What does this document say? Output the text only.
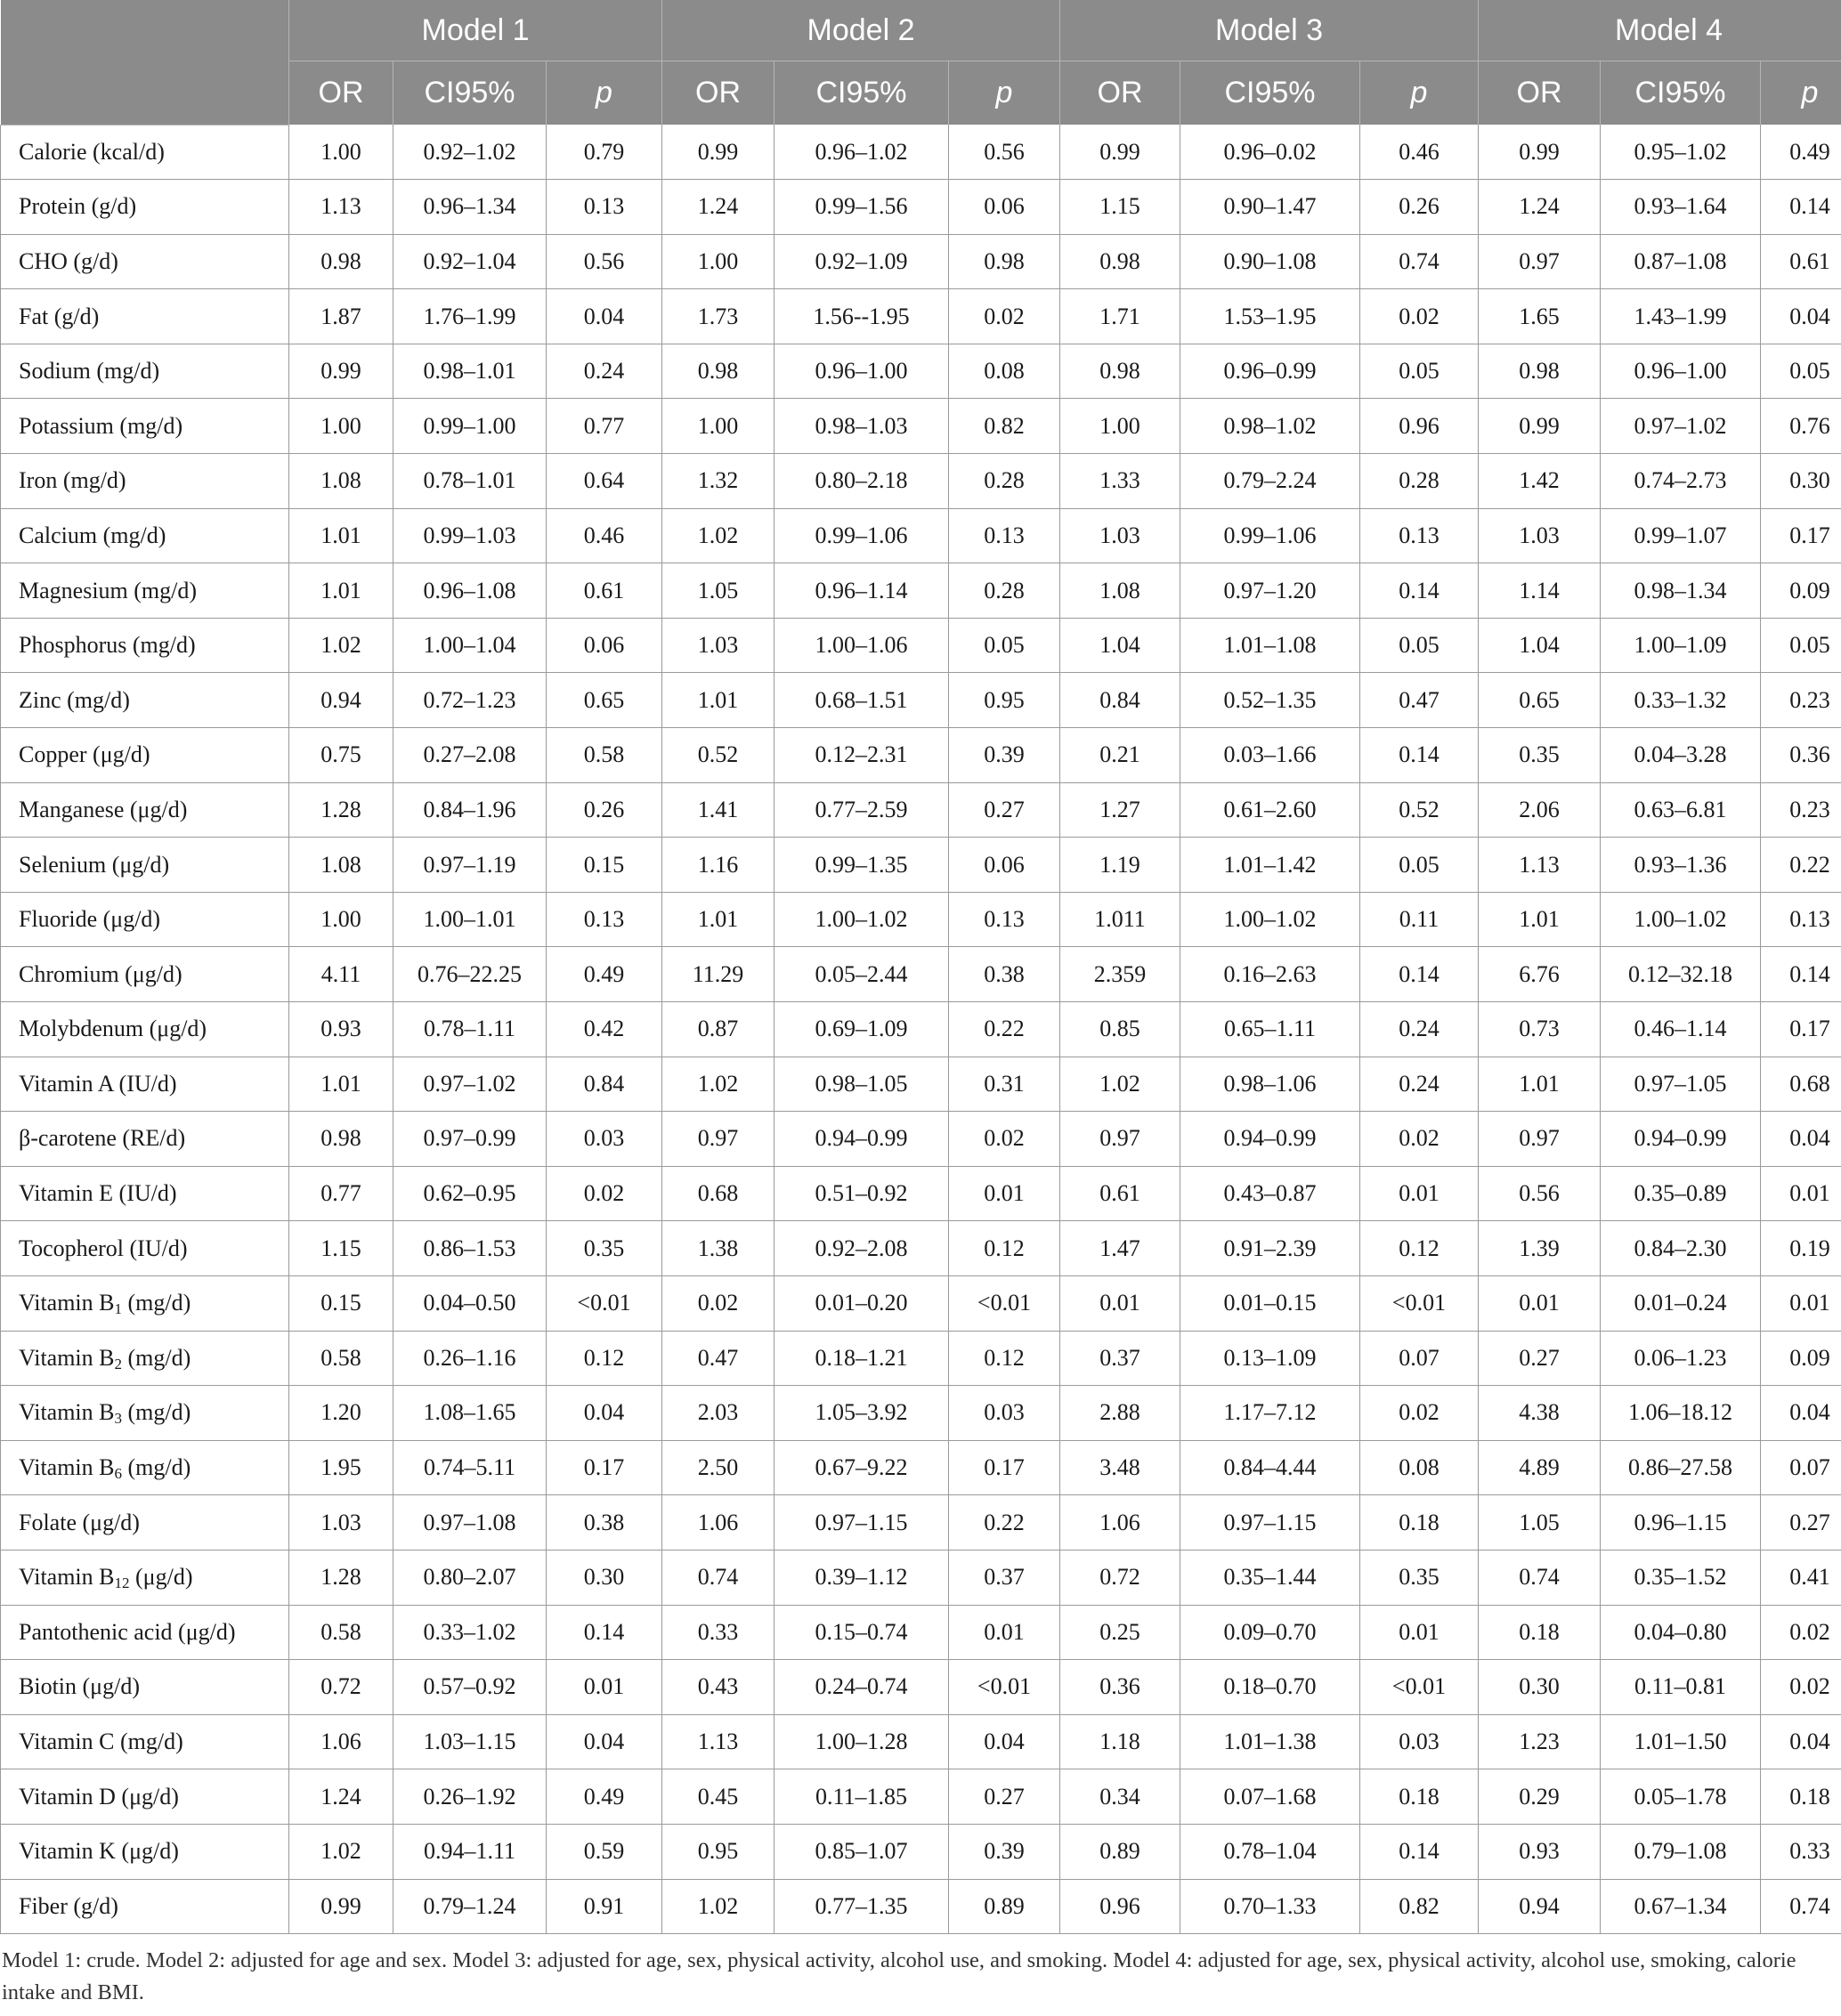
	Model 1			Model 2			Model 3			Model 4		
	OR	CI95%	p	OR	CI95%	p	OR	CI95%	p	OR	CI95%	p
Calorie (kcal/d)	1.00	0.92–1.02	0.79	0.99	0.96–1.02	0.56	0.99	0.96–0.02	0.46	0.99	0.95–1.02	0.49
Protein (g/d)	1.13	0.96–1.34	0.13	1.24	0.99–1.56	0.06	1.15	0.90–1.47	0.26	1.24	0.93–1.64	0.14
CHO (g/d)	0.98	0.92–1.04	0.56	1.00	0.92–1.09	0.98	0.98	0.90–1.08	0.74	0.97	0.87–1.08	0.61
Fat (g/d)	1.87	1.76–1.99	0.04	1.73	1.56--1.95	0.02	1.71	1.53–1.95	0.02	1.65	1.43–1.99	0.04
Sodium (mg/d)	0.99	0.98–1.01	0.24	0.98	0.96–1.00	0.08	0.98	0.96–0.99	0.05	0.98	0.96–1.00	0.05
Potassium (mg/d)	1.00	0.99–1.00	0.77	1.00	0.98–1.03	0.82	1.00	0.98–1.02	0.96	0.99	0.97–1.02	0.76
Iron (mg/d)	1.08	0.78–1.01	0.64	1.32	0.80–2.18	0.28	1.33	0.79–2.24	0.28	1.42	0.74–2.73	0.30
Calcium (mg/d)	1.01	0.99–1.03	0.46	1.02	0.99–1.06	0.13	1.03	0.99–1.06	0.13	1.03	0.99–1.07	0.17
Magnesium (mg/d)	1.01	0.96–1.08	0.61	1.05	0.96–1.14	0.28	1.08	0.97–1.20	0.14	1.14	0.98–1.34	0.09
Phosphorus (mg/d)	1.02	1.00–1.04	0.06	1.03	1.00–1.06	0.05	1.04	1.01–1.08	0.05	1.04	1.00–1.09	0.05
Zinc (mg/d)	0.94	0.72–1.23	0.65	1.01	0.68–1.51	0.95	0.84	0.52–1.35	0.47	0.65	0.33–1.32	0.23
Copper (μg/d)	0.75	0.27–2.08	0.58	0.52	0.12–2.31	0.39	0.21	0.03–1.66	0.14	0.35	0.04–3.28	0.36
Manganese (μg/d)	1.28	0.84–1.96	0.26	1.41	0.77–2.59	0.27	1.27	0.61–2.60	0.52	2.06	0.63–6.81	0.23
Selenium (μg/d)	1.08	0.97–1.19	0.15	1.16	0.99–1.35	0.06	1.19	1.01–1.42	0.05	1.13	0.93–1.36	0.22
Fluoride (μg/d)	1.00	1.00–1.01	0.13	1.01	1.00–1.02	0.13	1.011	1.00–1.02	0.11	1.01	1.00–1.02	0.13
Chromium (μg/d)	4.11	0.76–22.25	0.49	11.29	0.05–2.44	0.38	2.359	0.16–2.63	0.14	6.76	0.12–32.18	0.14
Molybdenum (μg/d)	0.93	0.78–1.11	0.42	0.87	0.69–1.09	0.22	0.85	0.65–1.11	0.24	0.73	0.46–1.14	0.17
Vitamin A (IU/d)	1.01	0.97–1.02	0.84	1.02	0.98–1.05	0.31	1.02	0.98–1.06	0.24	1.01	0.97–1.05	0.68
β-carotene (RE/d)	0.98	0.97–0.99	0.03	0.97	0.94–0.99	0.02	0.97	0.94–0.99	0.02	0.97	0.94–0.99	0.04
Vitamin E (IU/d)	0.77	0.62–0.95	0.02	0.68	0.51–0.92	0.01	0.61	0.43–0.87	0.01	0.56	0.35–0.89	0.01
Tocopherol (IU/d)	1.15	0.86–1.53	0.35	1.38	0.92–2.08	0.12	1.47	0.91–2.39	0.12	1.39	0.84–2.30	0.19
Vitamin $B_1$ (mg/d)	0.15	0.04–0.50	<0.01	0.02	0.01–0.20	<0.01	0.01	0.01–0.15	<0.01	0.01	0.01–0.24	0.01
Vitamin $B_2$ (mg/d)	0.58	0.26–1.16	0.12	0.47	0.18–1.21	0.12	0.37	0.13–1.09	0.07	0.27	0.06–1.23	0.09
Vitamin $B_3$ (mg/d)	1.20	1.08–1.65	0.04	2.03	1.05–3.92	0.03	2.88	1.17–7.12	0.02	4.38	1.06–18.12	0.04
Vitamin $B_6$ (mg/d)	1.95	0.74–5.11	0.17	2.50	0.67–9.22	0.17	3.48	0.84–4.44	0.08	4.89	0.86–27.58	0.07
Folate (μg/d)	1.03	0.97–1.08	0.38	1.06	0.97–1.15	0.22	1.06	0.97–1.15	0.18	1.05	0.96–1.15	0.27
Vitamin $B_{12}$ (μg/d)	1.28	0.80–2.07	0.30	0.74	0.39–1.12	0.37	0.72	0.35–1.44	0.35	0.74	0.35–1.52	0.41
Pantothenic acid (μg/d)	0.58	0.33–1.02	0.14	0.33	0.15–0.74	0.01	0.25	0.09–0.70	0.01	0.18	0.04–0.80	0.02
Biotin (μg/d)	0.72	0.57–0.92	0.01	0.43	0.24–0.74	<0.01	0.36	0.18–0.70	<0.01	0.30	0.11–0.81	0.02
Vitamin C (mg/d)	1.06	1.03–1.15	0.04	1.13	1.00–1.28	0.04	1.18	1.01–1.38	0.03	1.23	1.01–1.50	0.04
Vitamin D (μg/d)	1.24	0.26–1.92	0.49	0.45	0.11–1.85	0.27	0.34	0.07–1.68	0.18	0.29	0.05–1.78	0.18
Vitamin K (μg/d)	1.02	0.94–1.11	0.59	0.95	0.85–1.07	0.39	0.89	0.78–1.04	0.14	0.93	0.79–1.08	0.33
Fiber (g/d)	0.99	0.79–1.24	0.91	1.02	0.77–1.35	0.89	0.96	0.70–1.33	0.82	0.94	0.67–1.34	0.74
Model 1: crude. Model 2: adjusted for age and sex. Model 3: adjusted for age, sex, physical activity, alcohol use, and smoking. Model 4: adjusted for age, sex, physical activity, alcohol use, smoking, calorie intake and BMI.
